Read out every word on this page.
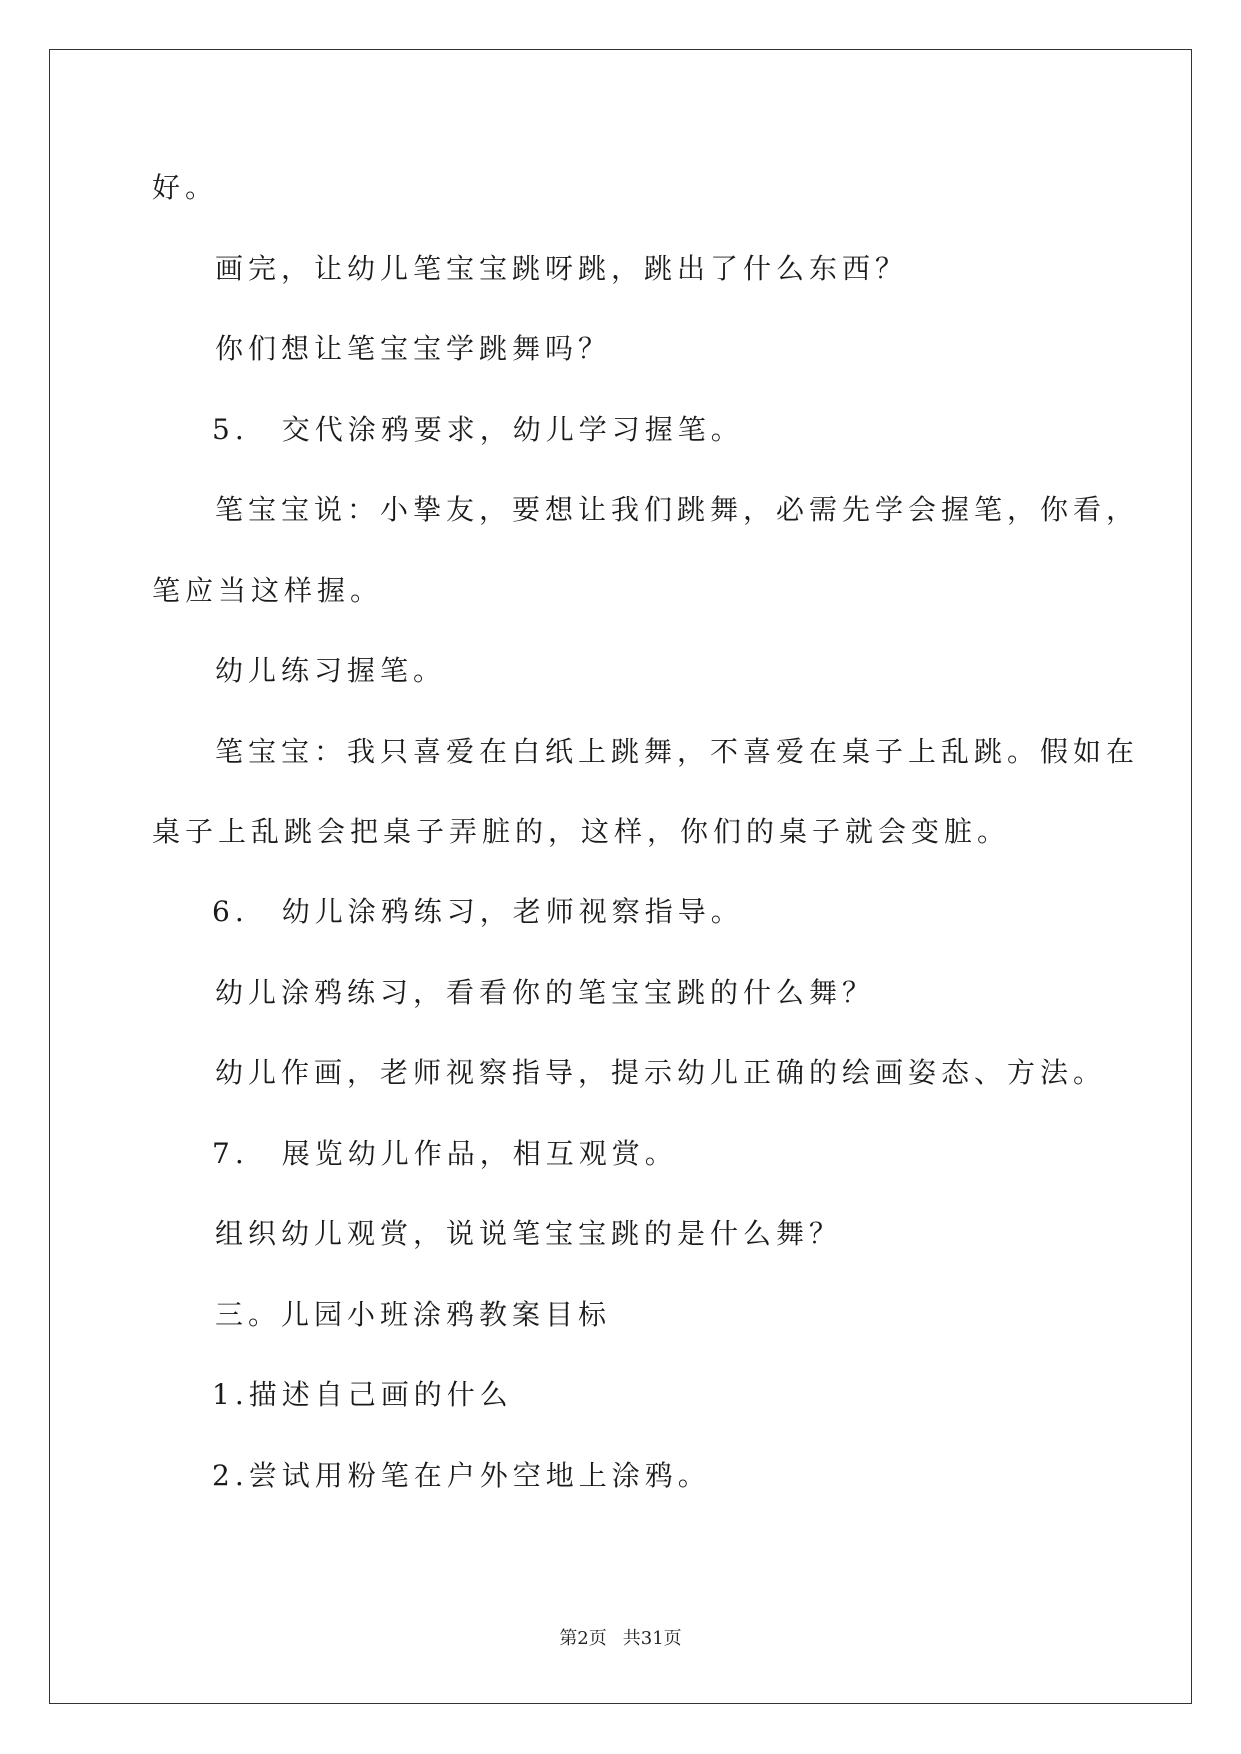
好。
画完，让幼儿笔宝宝跳呀跳，跳出了什么东西？
你们想让笔宝宝学跳舞吗？
5.　交代涂鸦要求，幼儿学习握笔。
笔宝宝说：小挚友，要想让我们跳舞，必需先学会握笔，你看，
笔应当这样握。
幼儿练习握笔。
笔宝宝：我只喜爱在白纸上跳舞，不喜爱在桌子上乱跳。假如在
桌子上乱跳会把桌子弄脏的，这样，你们的桌子就会变脏。
6.　幼儿涂鸦练习，老师视察指导。
幼儿涂鸦练习，看看你的笔宝宝跳的什么舞？
幼儿作画，老师视察指导，提示幼儿正确的绘画姿态、方法。
7.　展览幼儿作品，相互观赏。
组织幼儿观赏，说说笔宝宝跳的是什么舞？
三。儿园小班涂鸦教案目标
1.描述自己画的什么
2.尝试用粉笔在户外空地上涂鸦。
第2页 共31页
